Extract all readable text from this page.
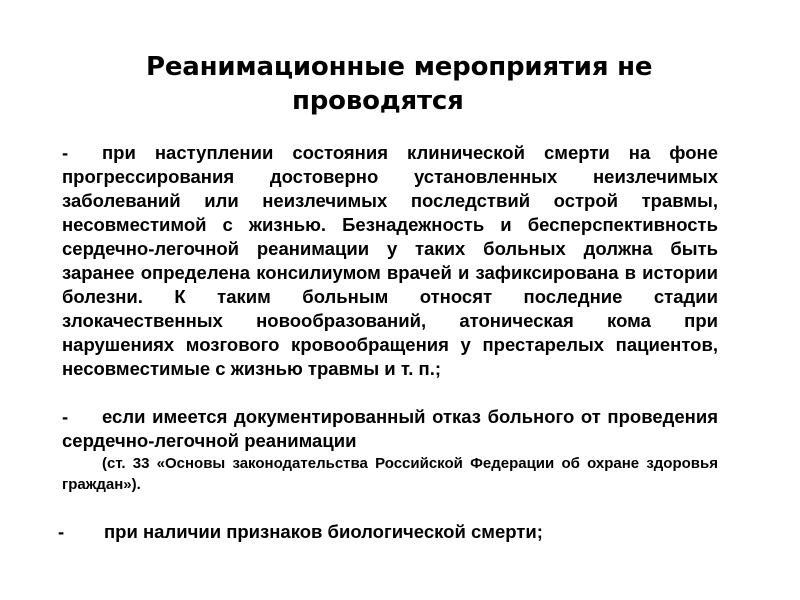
Реанимационные мероприятия не
проводятся
- при наступлении состояния клинической смерти на фоне прогрессирования достоверно установленных неизлечимых заболеваний или неизлечимых последствий острой травмы, несовместимой с жизнью. Безнадежность и бесперспективность сердечно-легочной реанимации у таких больных должна быть заранее определена консилиумом врачей и зафиксирована в истории болезни. К таким больным относят последние стадии злокачественных новообразований, атоническая кома при нарушениях мозгового кровообращения у престарелых пациентов, несовместимые с жизнью травмы и т. п.;
- если имеется документированный отказ больного от проведения сердечно-легочной реанимации
(ст. 33 «Основы законодательства Российской Федерации об охране здоровья граждан»).
- при наличии признаков биологической смерти;
